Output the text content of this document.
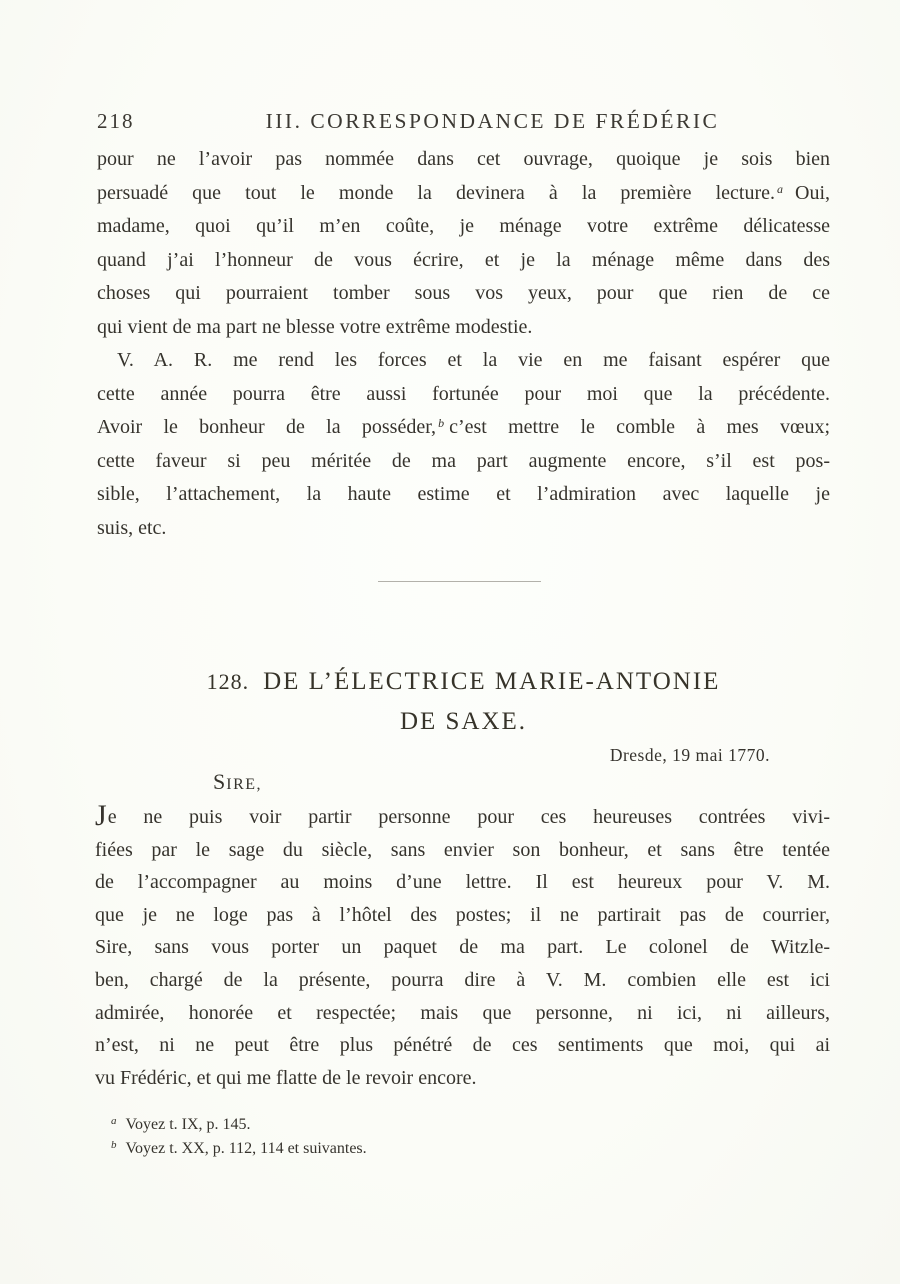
218	III. CORRESPONDANCE DE FRÉDÉRIC
pour ne l’avoir pas nommée dans cet ouvrage, quoique je sois bien
persuadé que tout le monde la devinera à la première lecture. $^a$ Oui,
madame, quoi qu’il m’en coûte, je ménage votre extrême délicatesse
quand j’ai l’honneur de vous écrire, et je la ménage même dans des
choses qui pourraient tomber sous vos yeux, pour que rien de ce
qui vient de ma part ne blesse votre extrême modestie.
V. A. R. me rend les forces et la vie en me faisant espérer que
cette année pourra être aussi fortunée pour moi que la précédente.
Avoir le bonheur de la posséder, $^b$ c’est mettre le comble à mes vœux;
cette faveur si peu méritée de ma part augmente encore, s’il est pos-
sible, l’attachement, la haute estime et l’admiration avec laquelle je
suis, etc.
128. DE L’ÉLECTRICE MARIE-ANTONIE
DE SAXE.
Dresde, 19 mai 1770.
SIRE,
Je ne puis voir partir personne pour ces heureuses contrées vivi-
fiées par le sage du siècle, sans envier son bonheur, et sans être tentée
de l’accompagner au moins d’une lettre. Il est heureux pour V. M.
que je ne loge pas à l’hôtel des postes; il ne partirait pas de courrier,
Sire, sans vous porter un paquet de ma part. Le colonel de Witzle-
ben, chargé de la présente, pourra dire à V. M. combien elle est ici
admirée, honorée et respectée; mais que personne, ni ici, ni ailleurs,
n’est, ni ne peut être plus pénétré de ces sentiments que moi, qui ai
vu Frédéric, et qui me flatte de le revoir encore.
$^a$ Voyez t. IX, p. 145.
$^b$ Voyez t. XX, p. 112, 114 et suivantes.
